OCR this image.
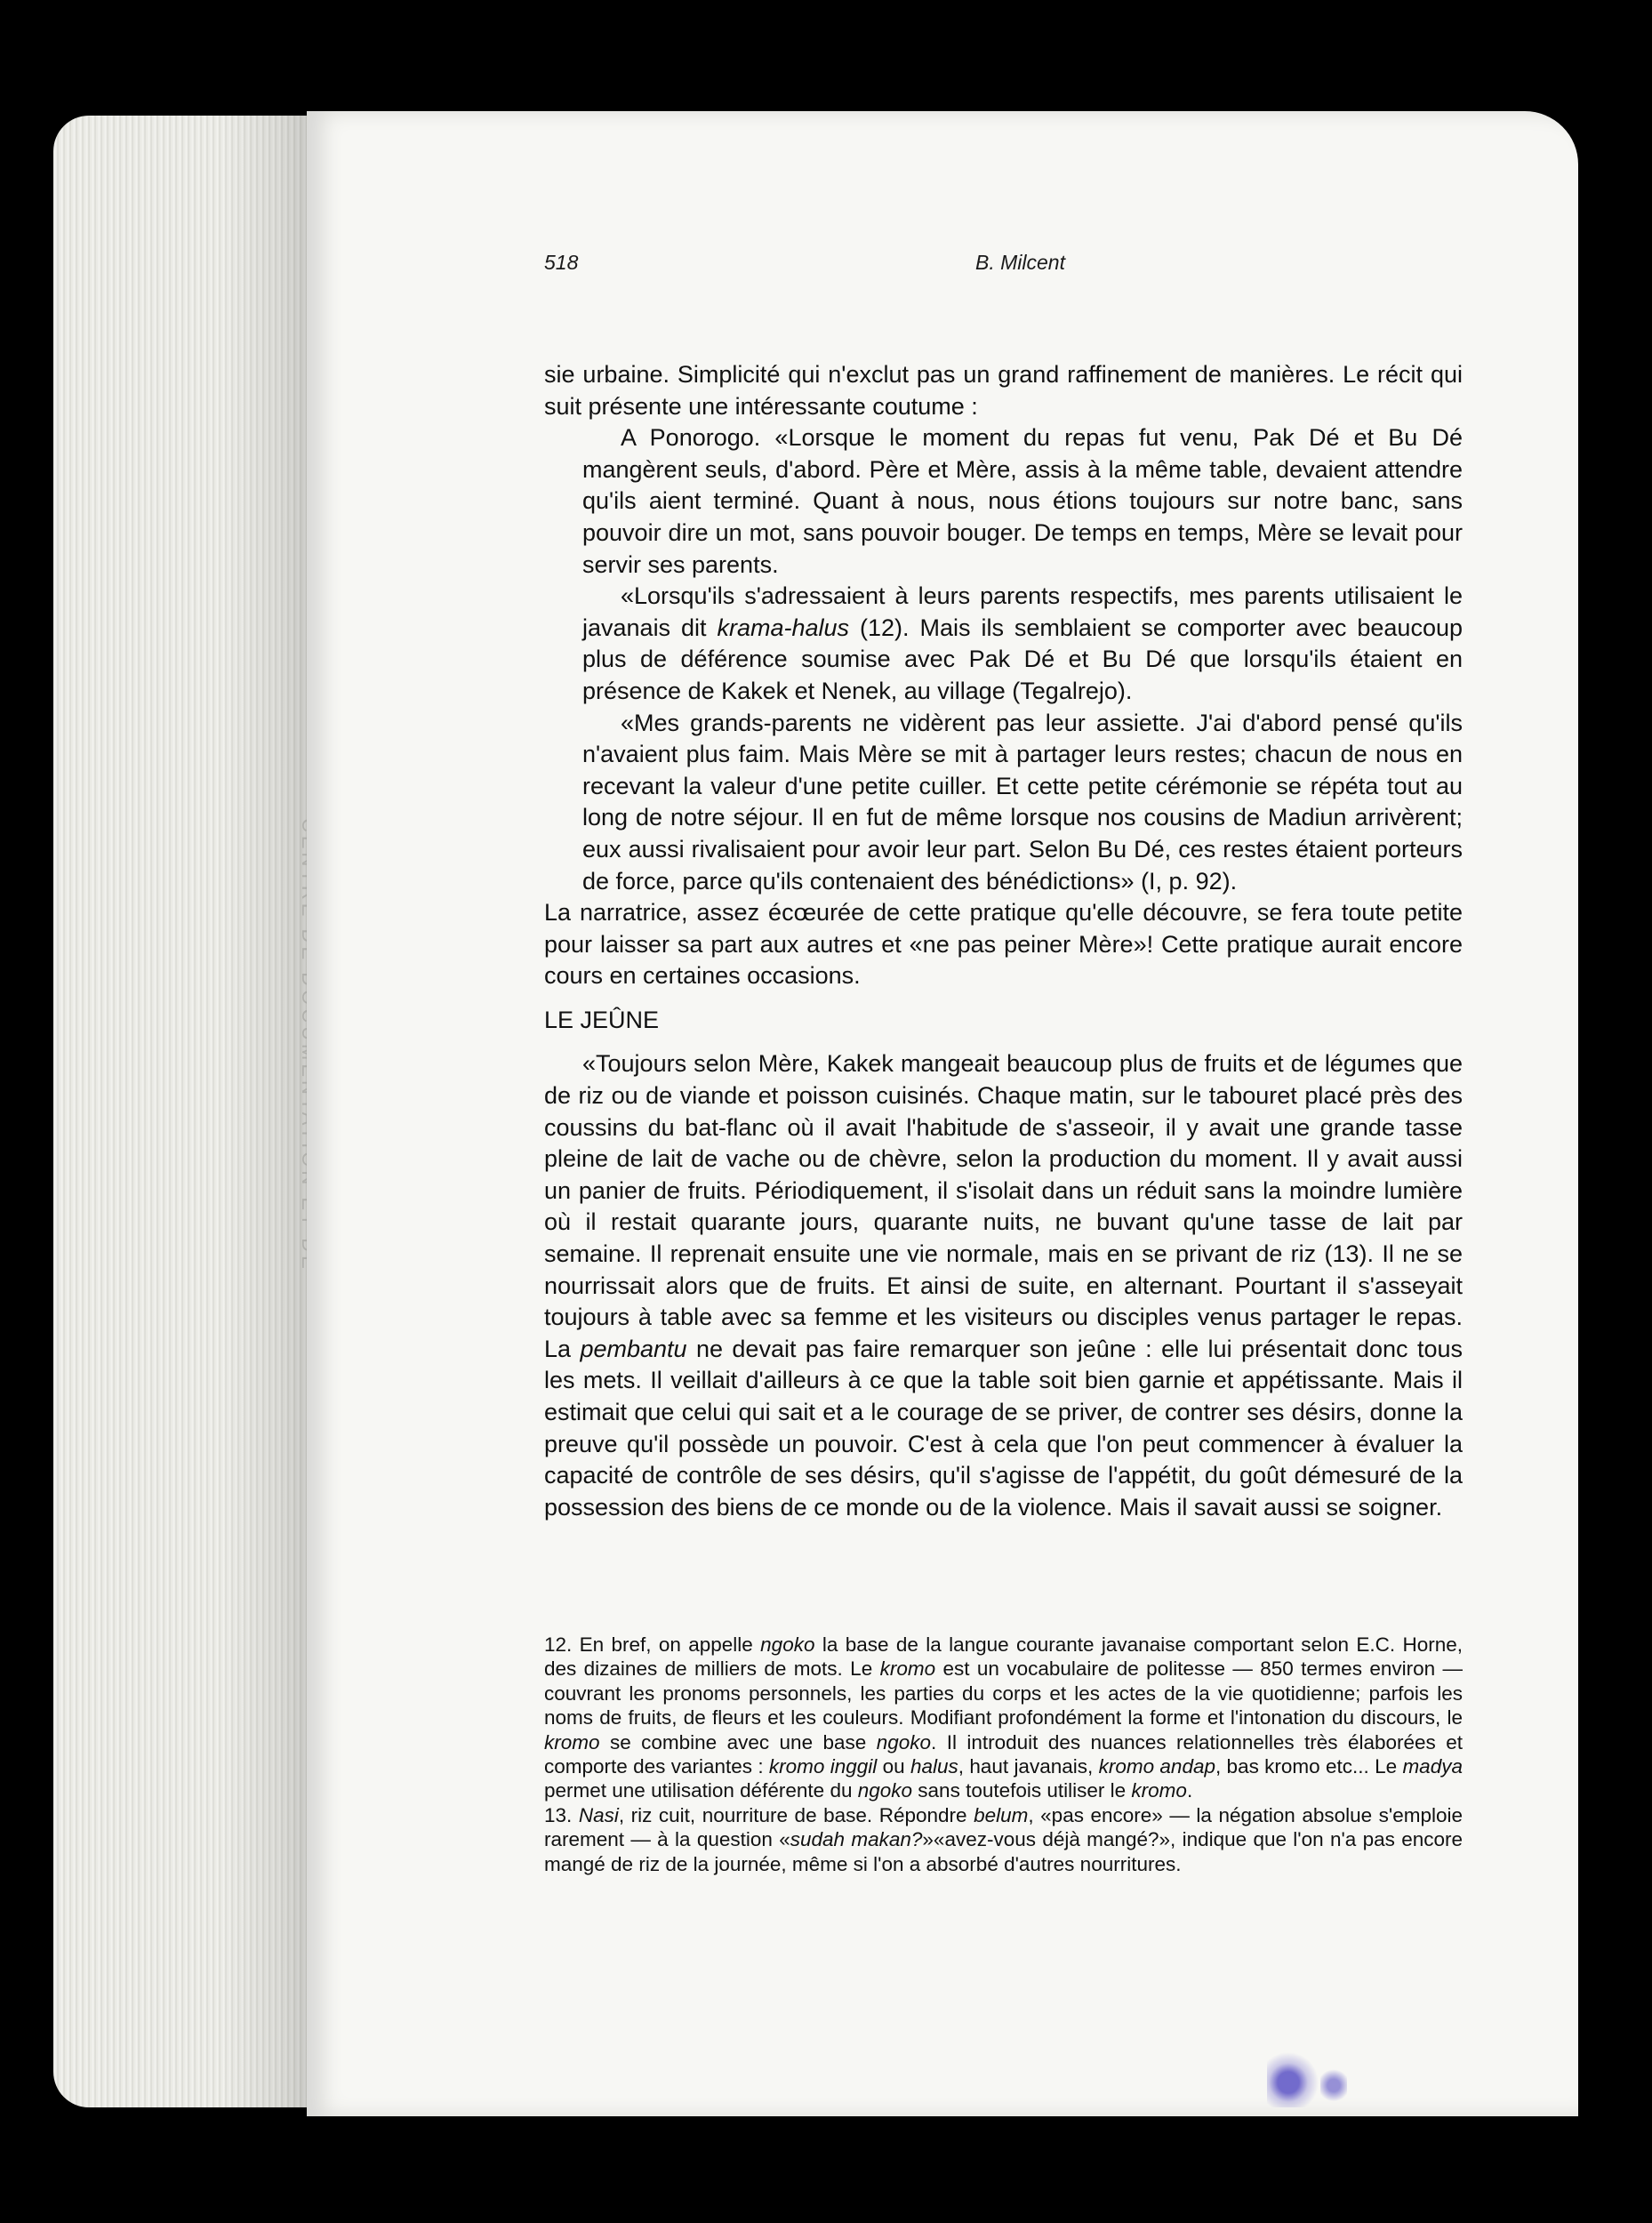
518	B. Milcent

sie urbaine. Simplicité qui n'exclut pas un grand raffinement de manières. Le récit qui suit présente une intéressante coutume :

A Ponorogo. «Lorsque le moment du repas fut venu, Pak Dé et Bu Dé mangèrent seuls, d'abord. Père et Mère, assis à la même table, devaient attendre qu'ils aient terminé. Quant à nous, nous étions toujours sur notre banc, sans pouvoir dire un mot, sans pouvoir bouger. De temps en temps, Mère se levait pour servir ses parents.

«Lorsqu'ils s'adressaient à leurs parents respectifs, mes parents utilisaient le javanais dit krama-halus (12). Mais ils semblaient se comporter avec beaucoup plus de déférence soumise avec Pak Dé et Bu Dé que lorsqu'ils étaient en présence de Kakek et Nenek, au village (Tegalrejo).

«Mes grands-parents ne vidèrent pas leur assiette. J'ai d'abord pensé qu'ils n'avaient plus faim. Mais Mère se mit à partager leurs restes; chacun de nous en recevant la valeur d'une petite cuiller. Et cette petite cérémonie se répéta tout au long de notre séjour. Il en fut de même lorsque nos cousins de Madiun arrivèrent; eux aussi rivalisaient pour avoir leur part. Selon Bu Dé, ces restes étaient porteurs de force, parce qu'ils contenaient des bénédictions» (I, p. 92).

La narratrice, assez écœurée de cette pratique qu'elle découvre, se fera toute petite pour laisser sa part aux autres et «ne pas peiner Mère»! Cette pratique aurait encore cours en certaines occasions.

LE JEÛNE

«Toujours selon Mère, Kakek mangeait beaucoup plus de fruits et de légumes que de riz ou de viande et poisson cuisinés. Chaque matin, sur le tabouret placé près des coussins du bat-flanc où il avait l'habitude de s'asseoir, il y avait une grande tasse pleine de lait de vache ou de chèvre, selon la production du moment. Il y avait aussi un panier de fruits. Périodiquement, il s'isolait dans un réduit sans la moindre lumière où il restait quarante jours, quarante nuits, ne buvant qu'une tasse de lait par semaine. Il reprenait ensuite une vie normale, mais en se privant de riz (13). Il ne se nourrissait alors que de fruits. Et ainsi de suite, en alternant. Pourtant il s'asseyait toujours à table avec sa femme et les visiteurs ou disciples venus partager le repas. La pembantu ne devait pas faire remarquer son jeûne : elle lui présentait donc tous les mets. Il veillait d'ailleurs à ce que la table soit bien garnie et appétissante. Mais il estimait que celui qui sait et a le courage de se priver, de contrer ses désirs, donne la preuve qu'il possède un pouvoir. C'est à cela que l'on peut commencer à évaluer la capacité de contrôle de ses désirs, qu'il s'agisse de l'appétit, du goût démesuré de la possession des biens de ce monde ou de la violence. Mais il savait aussi se soigner.

12. En bref, on appelle ngoko la base de la langue courante javanaise comportant selon E.C. Horne, des dizaines de milliers de mots. Le kromo est un vocabulaire de politesse — 850 termes environ — couvrant les pronoms personnels, les parties du corps et les actes de la vie quotidienne; parfois les noms de fruits, de fleurs et les couleurs. Modifiant profondément la forme et l'intonation du discours, le kromo se combine avec une base ngoko. Il introduit des nuances relationnelles très élaborées et comporte des variantes : kromo inggil ou halus, haut javanais, kromo andap, bas kromo etc... Le madya permet une utilisation déférente du ngoko sans toutefois utiliser le kromo.

13. Nasi, riz cuit, nourriture de base. Répondre belum, «pas encore» — la négation absolue s'emploie rarement — à la question «sudah makan?»«avez-vous déjà mangé?», indique que l'on n'a pas encore mangé de riz de la journée, même si l'on a absorbé d'autres nourritures.
